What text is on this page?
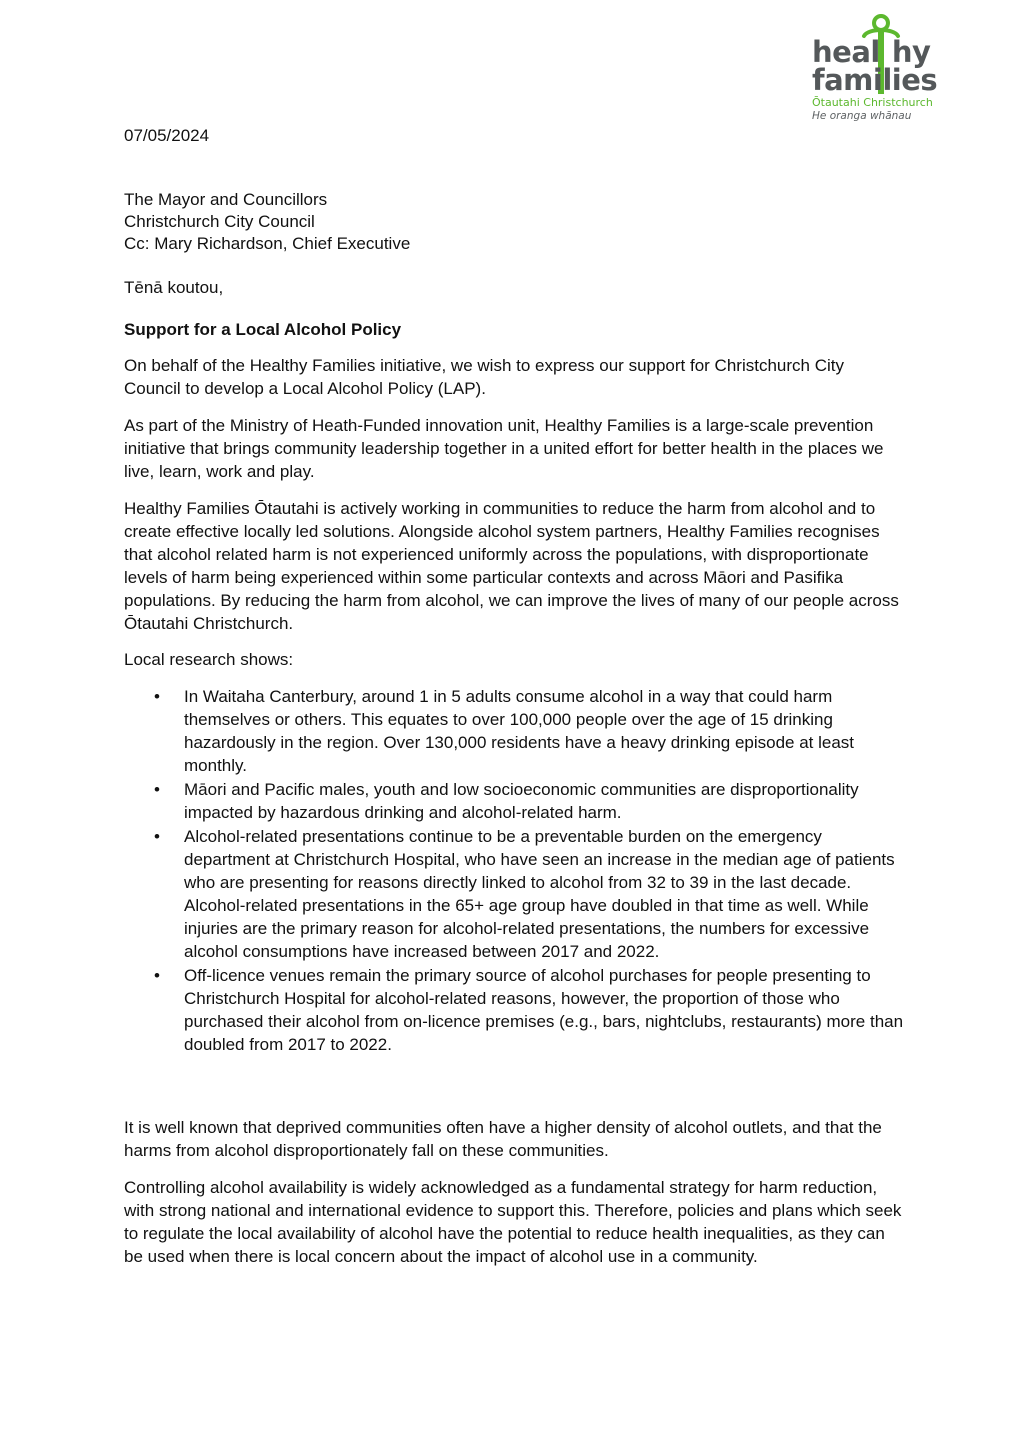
heal hy
families
Ōtautahi Christchurch
He oranga whānau

07/05/2024

The Mayor and Councillors

Christchurch City Council

Cc: Mary Richardson, Chief Executive

Tēnā koutou,

Support for a Local Alcohol Policy

On behalf of the Healthy Families initiative, we wish to express our support for Christchurch City Council to develop a Local Alcohol Policy (LAP).

As part of the Ministry of Heath-Funded innovation unit, Healthy Families is a large-scale prevention initiative that brings community leadership together in a united effort for better health in the places we live, learn, work and play.

Healthy Families Ōtautahi is actively working in communities to reduce the harm from alcohol and to create effective locally led solutions. Alongside alcohol system partners, Healthy Families recognises that alcohol related harm is not experienced uniformly across the populations, with disproportionate levels of harm being experienced within some particular contexts and across Māori and Pasifika populations. By reducing the harm from alcohol, we can improve the lives of many of our people across Ōtautahi Christchurch.

Local research shows:

• In Waitaha Canterbury, around 1 in 5 adults consume alcohol in a way that could harm themselves or others. This equates to over 100,000 people over the age of 15 drinking hazardously in the region. Over 130,000 residents have a heavy drinking episode at least monthly.
• Māori and Pacific males, youth and low socioeconomic communities are disproportionality impacted by hazardous drinking and alcohol-related harm.
• Alcohol-related presentations continue to be a preventable burden on the emergency department at Christchurch Hospital, who have seen an increase in the median age of patients who are presenting for reasons directly linked to alcohol from 32 to 39 in the last decade. Alcohol-related presentations in the 65+ age group have doubled in that time as well. While injuries are the primary reason for alcohol-related presentations, the numbers for excessive alcohol consumptions have increased between 2017 and 2022.
• Off-licence venues remain the primary source of alcohol purchases for people presenting to Christchurch Hospital for alcohol-related reasons, however, the proportion of those who purchased their alcohol from on-licence premises (e.g., bars, nightclubs, restaurants) more than doubled from 2017 to 2022.

It is well known that deprived communities often have a higher density of alcohol outlets, and that the harms from alcohol disproportionately fall on these communities.

Controlling alcohol availability is widely acknowledged as a fundamental strategy for harm reduction, with strong national and international evidence to support this. Therefore, policies and plans which seek to regulate the local availability of alcohol have the potential to reduce health inequalities, as they can be used when there is local concern about the impact of alcohol use in a community.
